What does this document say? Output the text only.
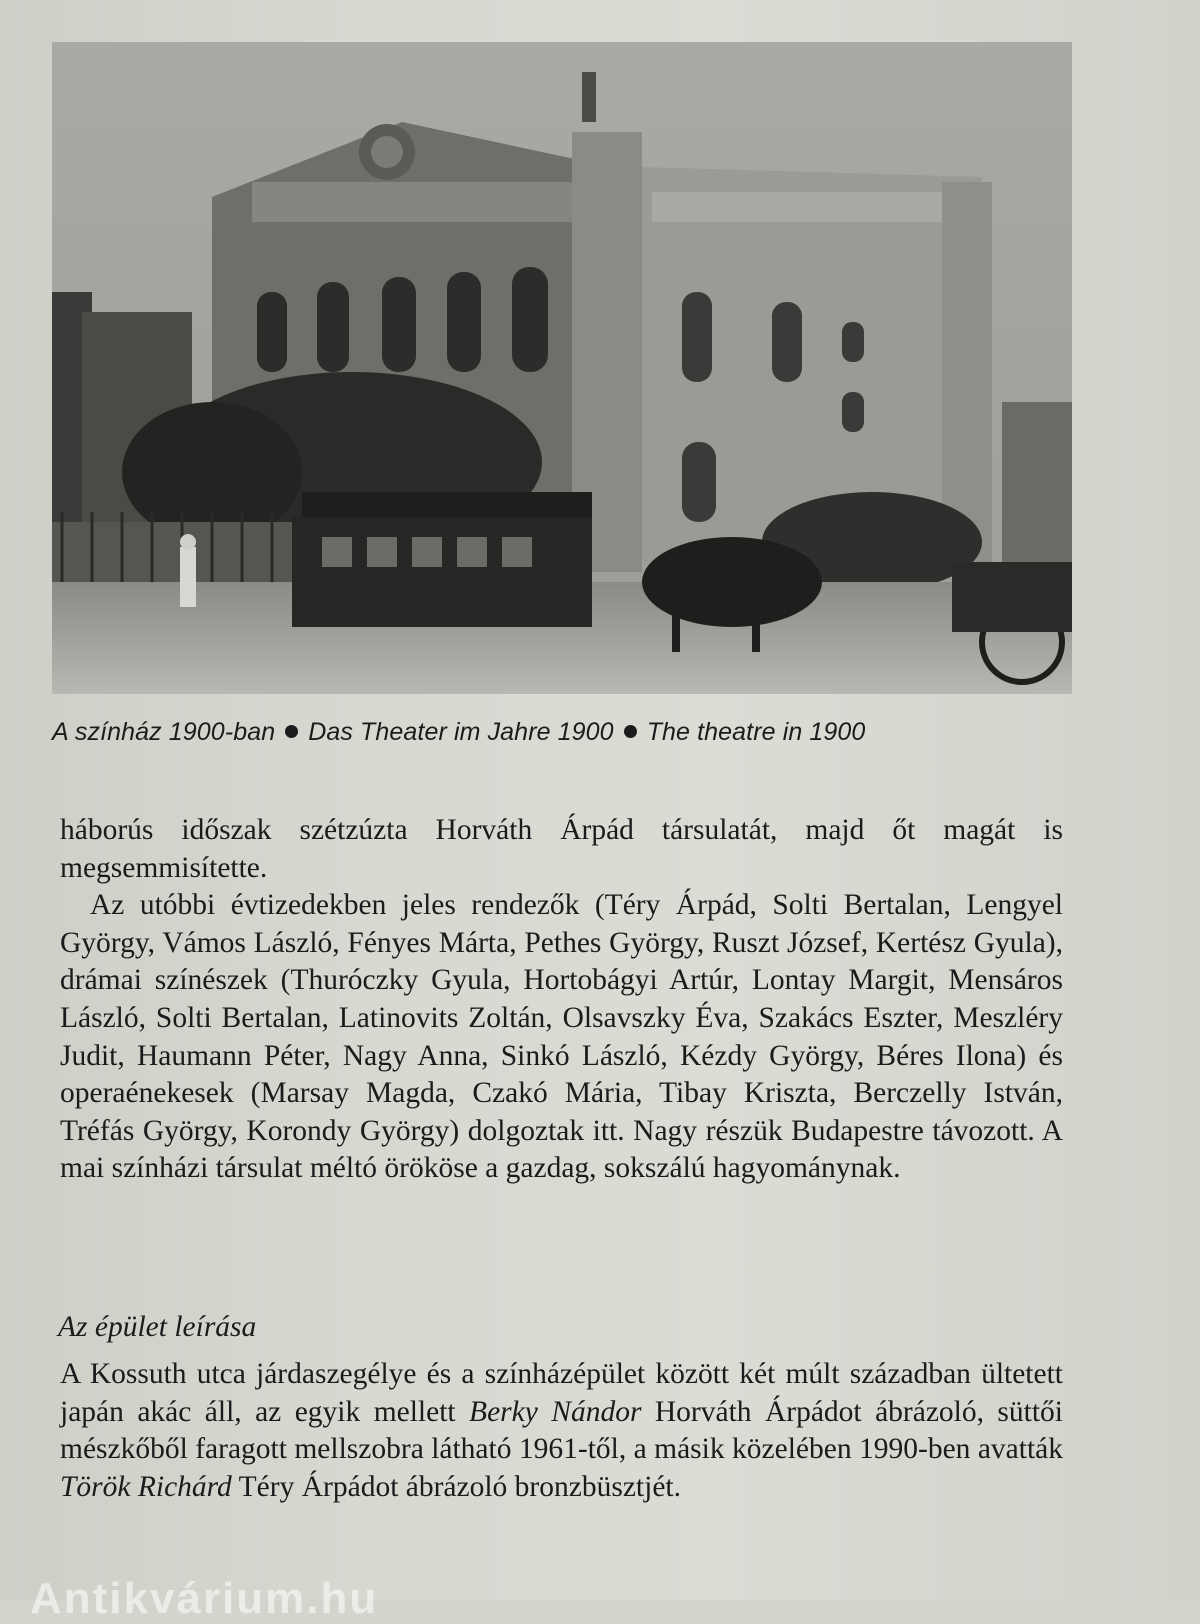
A színház 1900-ban Das Theater im Jahre 1900 The theatre in 1900

háborús időszak szétzúzta Horváth Árpád társulatát, majd őt magát is megsemmisítette.

Az utóbbi évtizedekben jeles rendezők (Téry Árpád, Solti Bertalan, Lengyel György, Vámos László, Fényes Márta, Pethes György, Ruszt József, Kertész Gyula), drámai színészek (Thuróczky Gyula, Hortobágyi Artúr, Lontay Margit, Mensáros László, Solti Bertalan, Latinovits Zoltán, Olsavszky Éva, Szakács Eszter, Meszléry Judit, Haumann Péter, Nagy Anna, Sinkó László, Kézdy György, Béres Ilona) és operaénekesek (Marsay Magda, Czakó Mária, Tibay Kriszta, Berczelly István, Tréfás György, Korondy György) dolgoztak itt. Nagy részük Budapestre távozott. A mai színházi társulat méltó örököse a gazdag, sokszálú hagyománynak.

Az épület leírása

A Kossuth utca járdaszegélye és a színházépület között két múlt században ültetett japán akác áll, az egyik mellett Berky Nándor Horváth Árpádot ábrázoló, süttői mészkőből faragott mellszobra látható 1961-től, a másik közelében 1990-ben avatták Török Richárd Téry Árpádot ábrázoló bronzbüsztjét.

Antikvárium.hu
